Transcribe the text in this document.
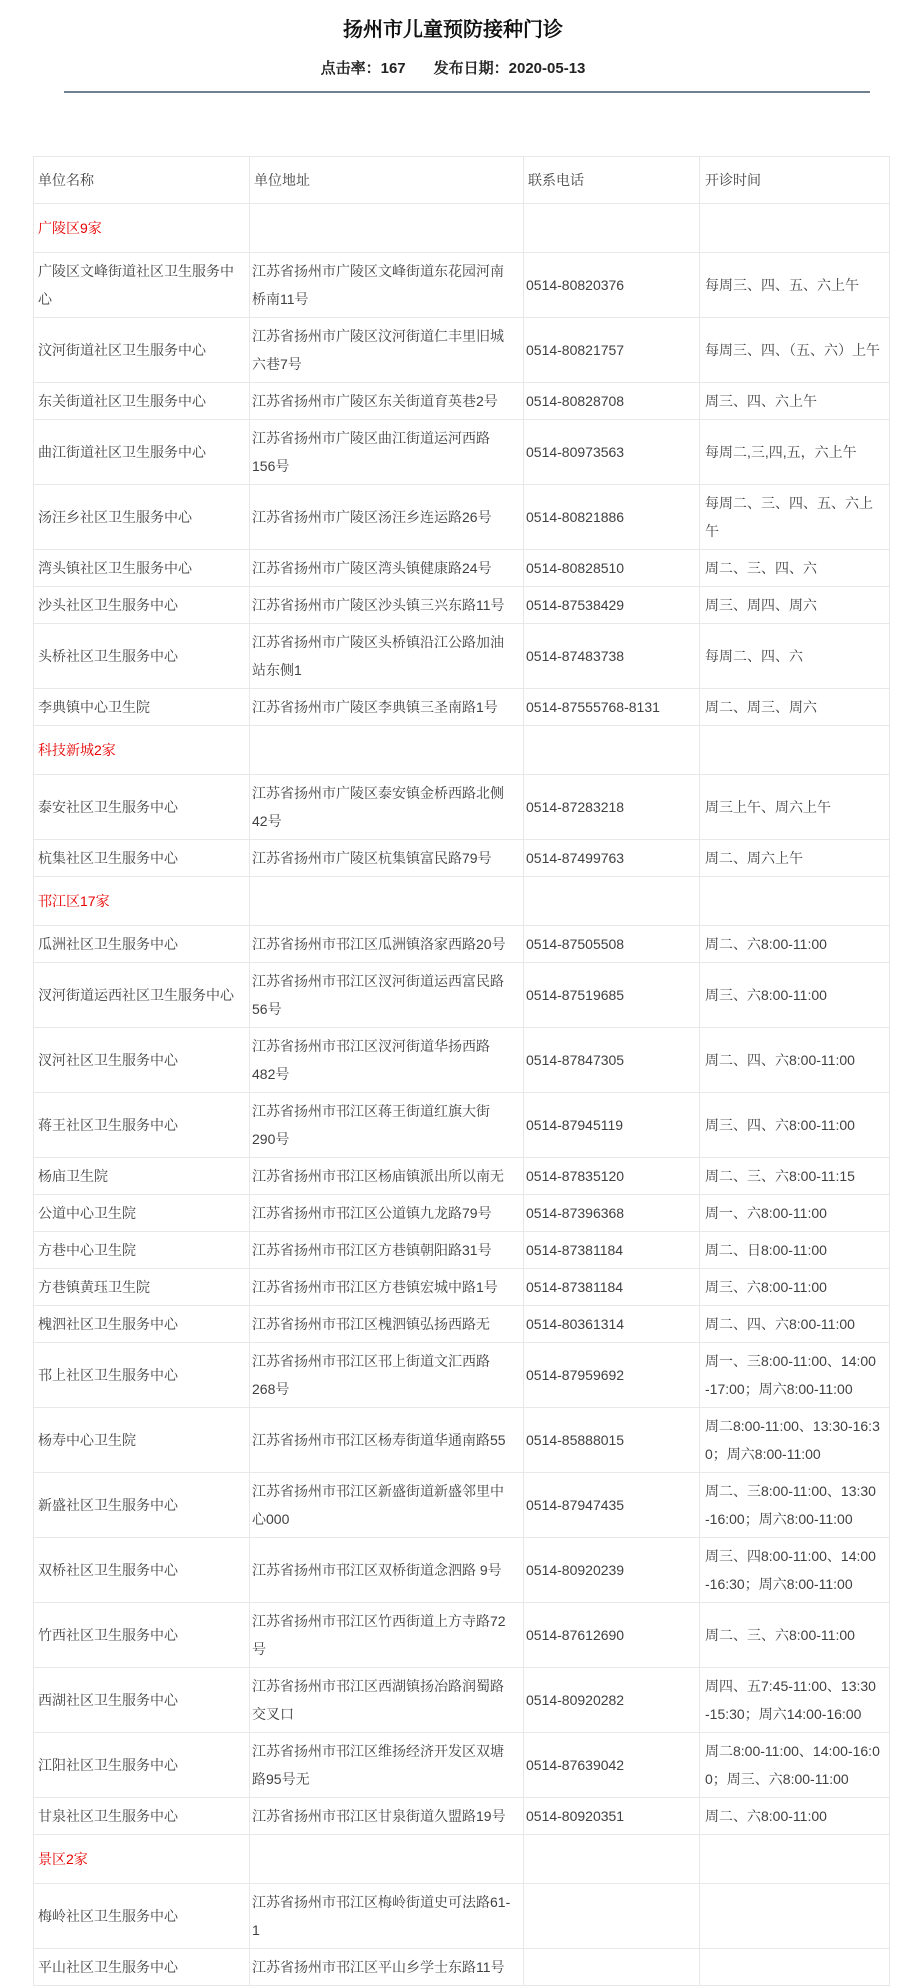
扬州市儿童预防接种门诊
点击率：167 发布日期：2020-05-13
单位名称	单位地址	联系电话	开诊时间
广陵区9家			
广陵区文峰街道社区卫生服务中心	江苏省扬州市广陵区文峰街道东花园河南桥南11号	0514-80820376	每周三、四、五、六上午
汶河街道社区卫生服务中心	江苏省扬州市广陵区汶河街道仁丰里旧城六巷7号	0514-80821757	每周三、四、（五、六）上午
东关街道社区卫生服务中心	江苏省扬州市广陵区东关街道育英巷2号	0514-80828708	周三、四、六上午
曲江街道社区卫生服务中心	江苏省扬州市广陵区曲江街道运河西路156号	0514-80973563	每周二,三,四,五，六上午
汤汪乡社区卫生服务中心	江苏省扬州市广陵区汤汪乡连运路26号	0514-80821886	每周二、三、四、五、六上午
湾头镇社区卫生服务中心	江苏省扬州市广陵区湾头镇健康路24号	0514-80828510	周二、三、四、六
沙头社区卫生服务中心	江苏省扬州市广陵区沙头镇三兴东路11号	0514-87538429	周三、周四、周六
头桥社区卫生服务中心	江苏省扬州市广陵区头桥镇沿江公路加油站东侧1	0514-87483738	每周二、四、六
李典镇中心卫生院	江苏省扬州市广陵区李典镇三圣南路1号	0514-87555768-8131	周二、周三、周六
科技新城2家			
泰安社区卫生服务中心	江苏省扬州市广陵区泰安镇金桥西路北侧42号	0514-87283218	周三上午、周六上午
杭集社区卫生服务中心	江苏省扬州市广陵区杭集镇富民路79号	0514-87499763	周二、周六上午
邗江区17家			
瓜洲社区卫生服务中心	江苏省扬州市邗江区瓜洲镇洛家西路20号	0514-87505508	周二、六8:00-11:00
汊河街道运西社区卫生服务中心	江苏省扬州市邗江区汊河街道运西富民路56号	0514-87519685	周三、六8:00-11:00
汊河社区卫生服务中心	江苏省扬州市邗江区汊河街道华扬西路482号	0514-87847305	周二、四、六8:00-11:00
蒋王社区卫生服务中心	江苏省扬州市邗江区蒋王街道红旗大街290号	0514-87945119	周三、四、六8:00-11:00
杨庙卫生院	江苏省扬州市邗江区杨庙镇派出所以南无	0514-87835120	周二、三、六8:00-11:15
公道中心卫生院	江苏省扬州市邗江区公道镇九龙路79号	0514-87396368	周一、六8:00-11:00
方巷中心卫生院	江苏省扬州市邗江区方巷镇朝阳路31号	0514-87381184	周二、日8:00-11:00
方巷镇黄珏卫生院	江苏省扬州市邗江区方巷镇宏城中路1号	0514-87381184	周三、六8:00-11:00
槐泗社区卫生服务中心	江苏省扬州市邗江区槐泗镇弘扬西路无	0514-80361314	周二、四、六8:00-11:00
邗上社区卫生服务中心	江苏省扬州市邗江区邗上街道文汇西路268号	0514-87959692	周一、三8:00-11:00、14:00-17:00；周六8:00-11:00
杨寿中心卫生院	江苏省扬州市邗江区杨寿街道华通南路55	0514-85888015	周二8:00-11:00、13:30-16:30；周六8:00-11:00
新盛社区卫生服务中心	江苏省扬州市邗江区新盛街道新盛邻里中心000	0514-87947435	周二、三8:00-11:00、13:30-16:00；周六8:00-11:00
双桥社区卫生服务中心	江苏省扬州市邗江区双桥街道念泗路 9号	0514-80920239	周三、四8:00-11:00、14:00-16:30；周六8:00-11:00
竹西社区卫生服务中心	江苏省扬州市邗江区竹西街道上方寺路72号	0514-87612690	周二、三、六8:00-11:00
西湖社区卫生服务中心	江苏省扬州市邗江区西湖镇扬冶路润蜀路交叉口	0514-80920282	周四、五7:45-11:00、13:30-15:30；周六14:00-16:00
江阳社区卫生服务中心	江苏省扬州市邗江区维扬经济开发区双塘路95号无	0514-87639042	周二8:00-11:00、14:00-16:00；周三、六8:00-11:00
甘泉社区卫生服务中心	江苏省扬州市邗江区甘泉街道久盟路19号	0514-80920351	周二、六8:00-11:00
景区2家			
梅岭社区卫生服务中心	江苏省扬州市邗江区梅岭街道史可法路61-1		
平山社区卫生服务中心	江苏省扬州市邗江区平山乡学士东路11号		
